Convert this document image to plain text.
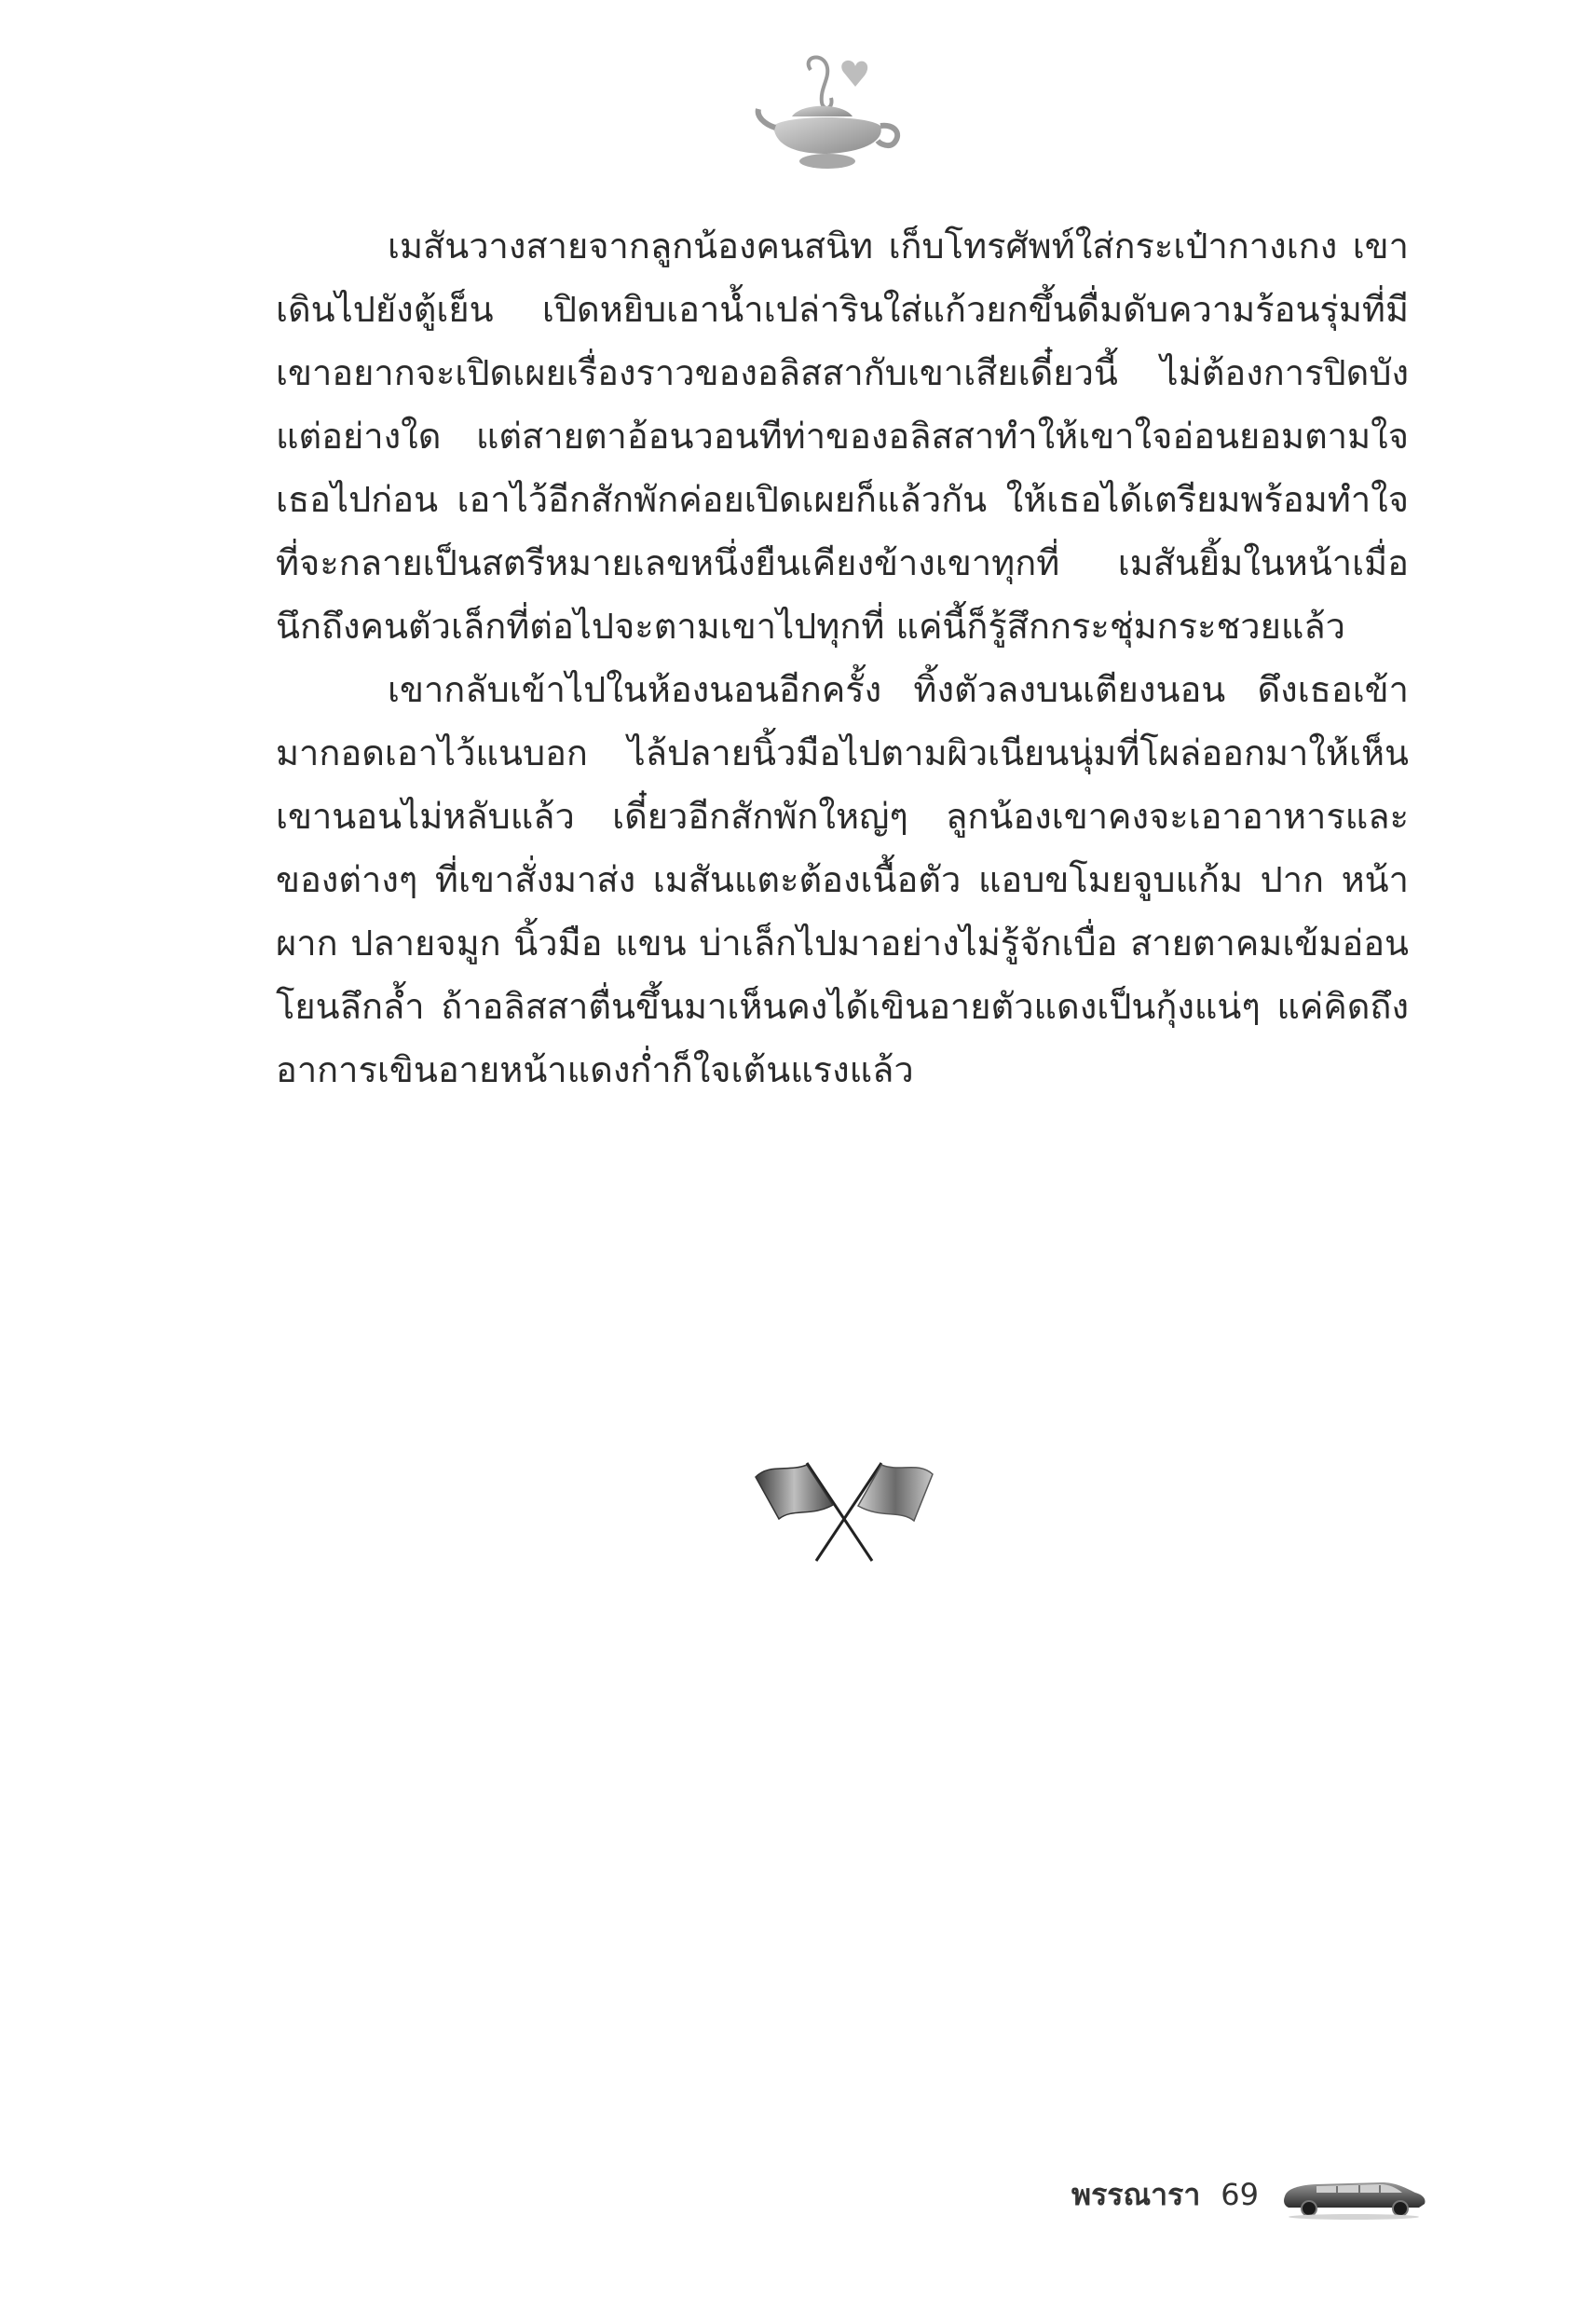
เมสันวางสายจากลูกน้องคนสนิท เก็บโทรศัพท์ใส่กระเป๋ากางเกง เขาเดินไปยังตู้เย็น เปิดหยิบเอาน้ำเปล่ารินใส่แก้วยกขึ้นดื่มดับความร้อนรุ่มที่มี เขาอยากจะเปิดเผยเรื่องราวของอลิสสากับเขาเสียเดี๋ยวนี้ ไม่ต้องการปิดบังแต่อย่างใด แต่สายตาอ้อนวอนทีท่าของอลิสสาทำให้เขาใจอ่อนยอมตามใจเธอไปก่อน เอาไว้อีกสักพักค่อยเปิดเผยก็แล้วกัน ให้เธอได้เตรียมพร้อมทำใจที่จะกลายเป็นสตรีหมายเลขหนึ่งยืนเคียงข้างเขาทุกที่ เมสันยิ้มในหน้าเมื่อนึกถึงคนตัวเล็กที่ต่อไปจะตามเขาไปทุกที่ แค่นี้ก็รู้สึกกระชุ่มกระชวยแล้ว

เขากลับเข้าไปในห้องนอนอีกครั้ง ทิ้งตัวลงบนเตียงนอน ดึงเธอเข้ามากอดเอาไว้แนบอก ไล้ปลายนิ้วมือไปตามผิวเนียนนุ่มที่โผล่ออกมาให้เห็น เขานอนไม่หลับแล้ว เดี๋ยวอีกสักพักใหญ่ๆ ลูกน้องเขาคงจะเอาอาหารและของต่างๆ ที่เขาสั่งมาส่ง เมสันแตะต้องเนื้อตัว แอบขโมยจูบแก้ม ปาก หน้าผาก ปลายจมูก นิ้วมือ แขน บ่าเล็กไปมาอย่างไม่รู้จักเบื่อ สายตาคมเข้มอ่อนโยนลึกล้ำ ถ้าอลิสสาตื่นขึ้นมาเห็นคงได้เขินอายตัวแดงเป็นกุ้งแน่ๆ แค่คิดถึงอาการเขินอายหน้าแดงก่ำก็ใจเต้นแรงแล้ว

พรรณารา 69
